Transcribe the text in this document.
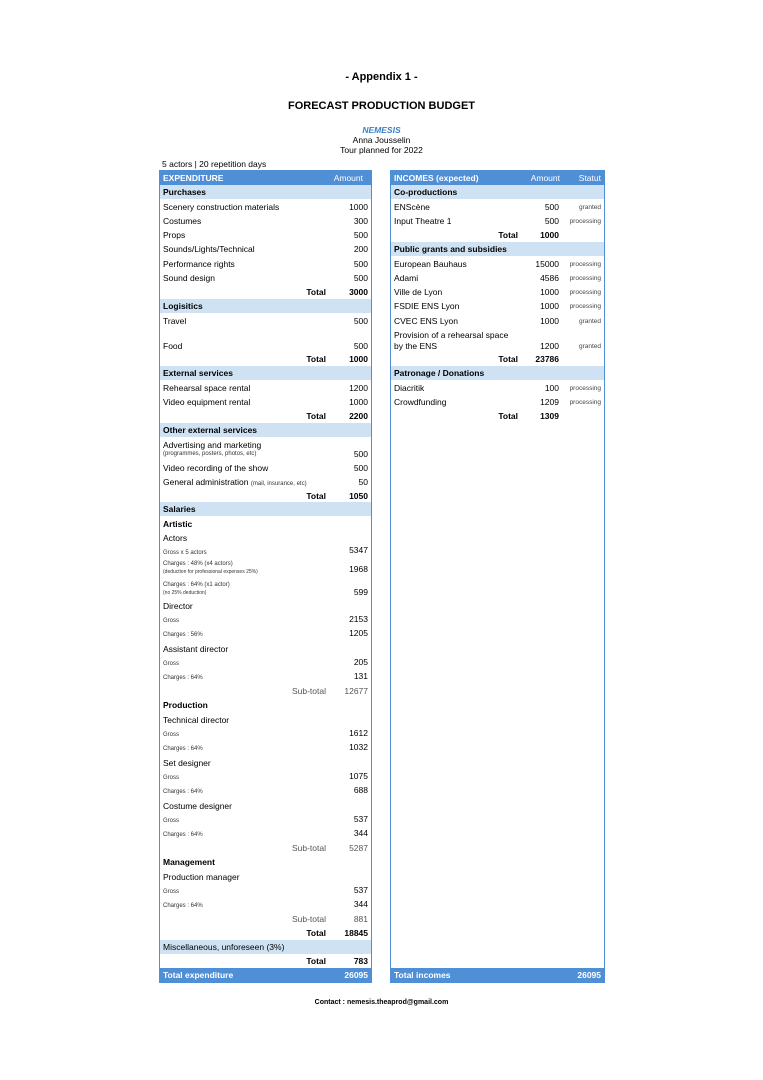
- Appendix 1 -
FORECAST PRODUCTION BUDGET
NEMESIS
Anna Jousselin
Tour planned for 2022
5 actors | 20 repetition days
EXPENDITURE	Amount
Purchases
Scenery construction materials	1000
Costumes	300
Props	500
Sounds/Lights/Technical	200
Performance rights	500
Sound design	500
Total	3000
Logisitics
Travel	500
Food	500
Total	1000
External services
Rehearsal space rental	1200
Video equipment rental	1000
Total	2200
Other external services
Advertising and marketing
(programmes, posters, photos, etc)	500
Video recording of the show	500
General administration (mail, insurance, etc)	50
Total	1050
Salaries
Artistic
Actors
Gross x 5 actors	5347
Charges : 48% (x4 actors)
(deduction for professional expenses 25%)	1968
Charges : 64% (x1 actor)
(no 25% deduction)	599
Director
Gross	2153
Charges : 56%	1205
Assistant director
Gross	205
Charges : 64%	131
Sub-total 12677
Production
Technical director
Gross	1612
Charges : 64%	1032
Set designer
Gross	1075
Charges : 64%	688
Costume designer
Gross	537
Charges : 64%	344
Sub-total	5287
Management
Production manager
Gross	537
Charges : 64%	344
Sub-total	881
Total 18845
Miscellaneous, unforeseen (3%)
Total	783
Total expenditure	26095
INCOMES (expected)	Amount Statut
Co-productions
ENScène	500	granted
Input Theatre 1	500 processing
Total	1000
Public grants and subsidies
European Bauhaus	15000 processing
Adami	4586 processing
Ville de Lyon	1000 processing
FSDIE ENS Lyon	1000 processing
CVEC ENS Lyon	1000	granted
Provision of a rehearsal space
by the ENS	1200	granted
Total 23786
Patronage / Donations
Diacritik	100 processing
Crowdfunding	1209 processing
Total	1309
Total incomes	26095
Contact : nemesis.theaprod@gmail.com
